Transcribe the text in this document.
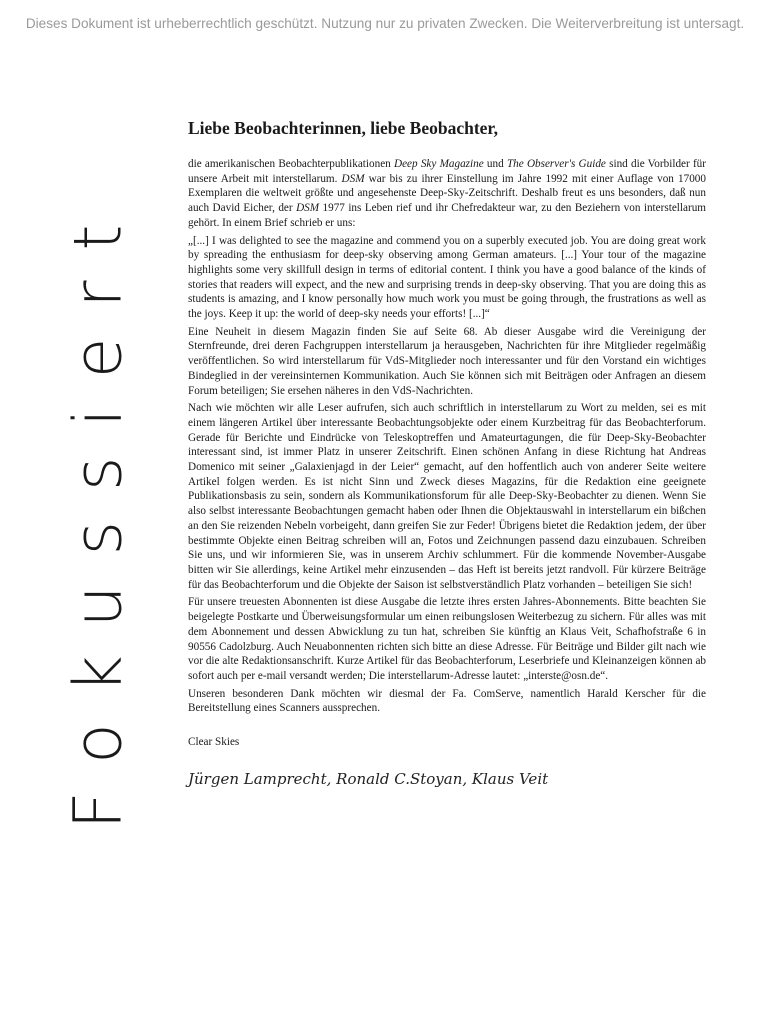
Dieses Dokument ist urheberrechtlich geschützt. Nutzung nur zu privaten Zwecken. Die Weiterverbreitung ist untersagt.
Fokussiert
Liebe Beobachterinnen, liebe Beobachter,

die amerikanischen Beobachterpublikationen Deep Sky Magazine und The Observer's Guide sind die Vorbilder für unsere Arbeit mit interstellarum. DSM war bis zu ihrer Einstellung im Jahre 1992 mit einer Auflage von 17000 Exemplaren die weltweit größte und angesehenste Deep-Sky-Zeitschrift. Deshalb freut es uns besonders, daß nun auch David Eicher, der DSM 1977 ins Leben rief und ihr Chefredakteur war, zu den Beziehern von interstellarum gehört. In einem Brief schrieb er uns:

„[...] I was delighted to see the magazine and commend you on a superbly executed job. You are doing great work by spreading the enthusiasm for deep-sky observing among German amateurs. [...] Your tour of the magazine highlights some very skillfull design in terms of editorial content. I think you have a good balance of the kinds of stories that readers will expect, and the new and surprising trends in deep-sky observing. That you are doing this as students is amazing, and I know personally how much work you must be going through, the frustrations as well as the joys. Keep it up: the world of deep-sky needs your efforts! [...]“

Eine Neuheit in diesem Magazin finden Sie auf Seite 68. Ab dieser Ausgabe wird die Vereinigung der Sternfreunde, drei deren Fachgruppen interstellarum ja herausgeben, Nachrichten für ihre Mitglieder regelmäßig veröffentlichen. So wird interstellarum für VdS-Mitglieder noch interessanter und für den Vorstand ein wichtiges Bindeglied in der vereinsinternen Kommunikation. Auch Sie können sich mit Beiträgen oder Anfragen an diesem Forum beteiligen; Sie ersehen näheres in den VdS-Nachrichten.

Nach wie möchten wir alle Leser aufrufen, sich auch schriftlich in interstellarum zu Wort zu melden, sei es mit einem längeren Artikel über interessante Beobachtungsobjekte oder einem Kurzbeitrag für das Beobachterforum. Gerade für Berichte und Eindrücke von Teleskoptreffen und Amateurtagungen, die für Deep-Sky-Beobachter interessant sind, ist immer Platz in unserer Zeitschrift. Einen schönen Anfang in diese Richtung hat Andreas Domenico mit seiner „Galaxienjagd in der Leier“ gemacht, auf den hoffentlich auch von anderer Seite weitere Artikel folgen werden. Es ist nicht Sinn und Zweck dieses Magazins, für die Redaktion eine geeignete Publikationsbasis zu sein, sondern als Kommunikationsforum für alle Deep-Sky-Beobachter zu dienen. Wenn Sie also selbst interessante Beobachtungen gemacht haben oder Ihnen die Objektauswahl in interstellarum ein bißchen an den Sie reizenden Nebeln vorbeigeht, dann greifen Sie zur Feder! Übrigens bietet die Redaktion jedem, der über bestimmte Objekte einen Beitrag schreiben will an, Fotos und Zeichnungen passend dazu einzubauen. Schreiben Sie uns, und wir informieren Sie, was in unserem Archiv schlummert. Für die kommende November-Ausgabe bitten wir Sie allerdings, keine Artikel mehr einzusenden – das Heft ist bereits jetzt randvoll. Für kürzere Beiträge für das Beobachterforum und die Objekte der Saison ist selbstverständlich Platz vorhanden – beteiligen Sie sich!

Für unsere treuesten Abonnenten ist diese Ausgabe die letzte ihres ersten Jahres-Abonnements. Bitte beachten Sie beigelegte Postkarte und Überweisungsformular um einen reibungslosen Weiterbezug zu sichern. Für alles was mit dem Abonnement und dessen Abwicklung zu tun hat, schreiben Sie künftig an Klaus Veit, Schafhofstraße 6 in 90556 Cadolzburg. Auch Neuabonnenten richten sich bitte an diese Adresse. Für Beiträge und Bilder gilt nach wie vor die alte Redaktionsanschrift. Kurze Artikel für das Beobachterforum, Leserbriefe und Kleinanzeigen können ab sofort auch per e-mail versandt werden; Die interstellarum-Adresse lautet: „interste@osn.de“.

Unseren besonderen Dank möchten wir diesmal der Fa. ComServe, namentlich Harald Kerscher für die Bereitstellung eines Scanners aussprechen.

Clear Skies
Jürgen Lamprecht, Ronald C.Stoyan, Klaus Veit
